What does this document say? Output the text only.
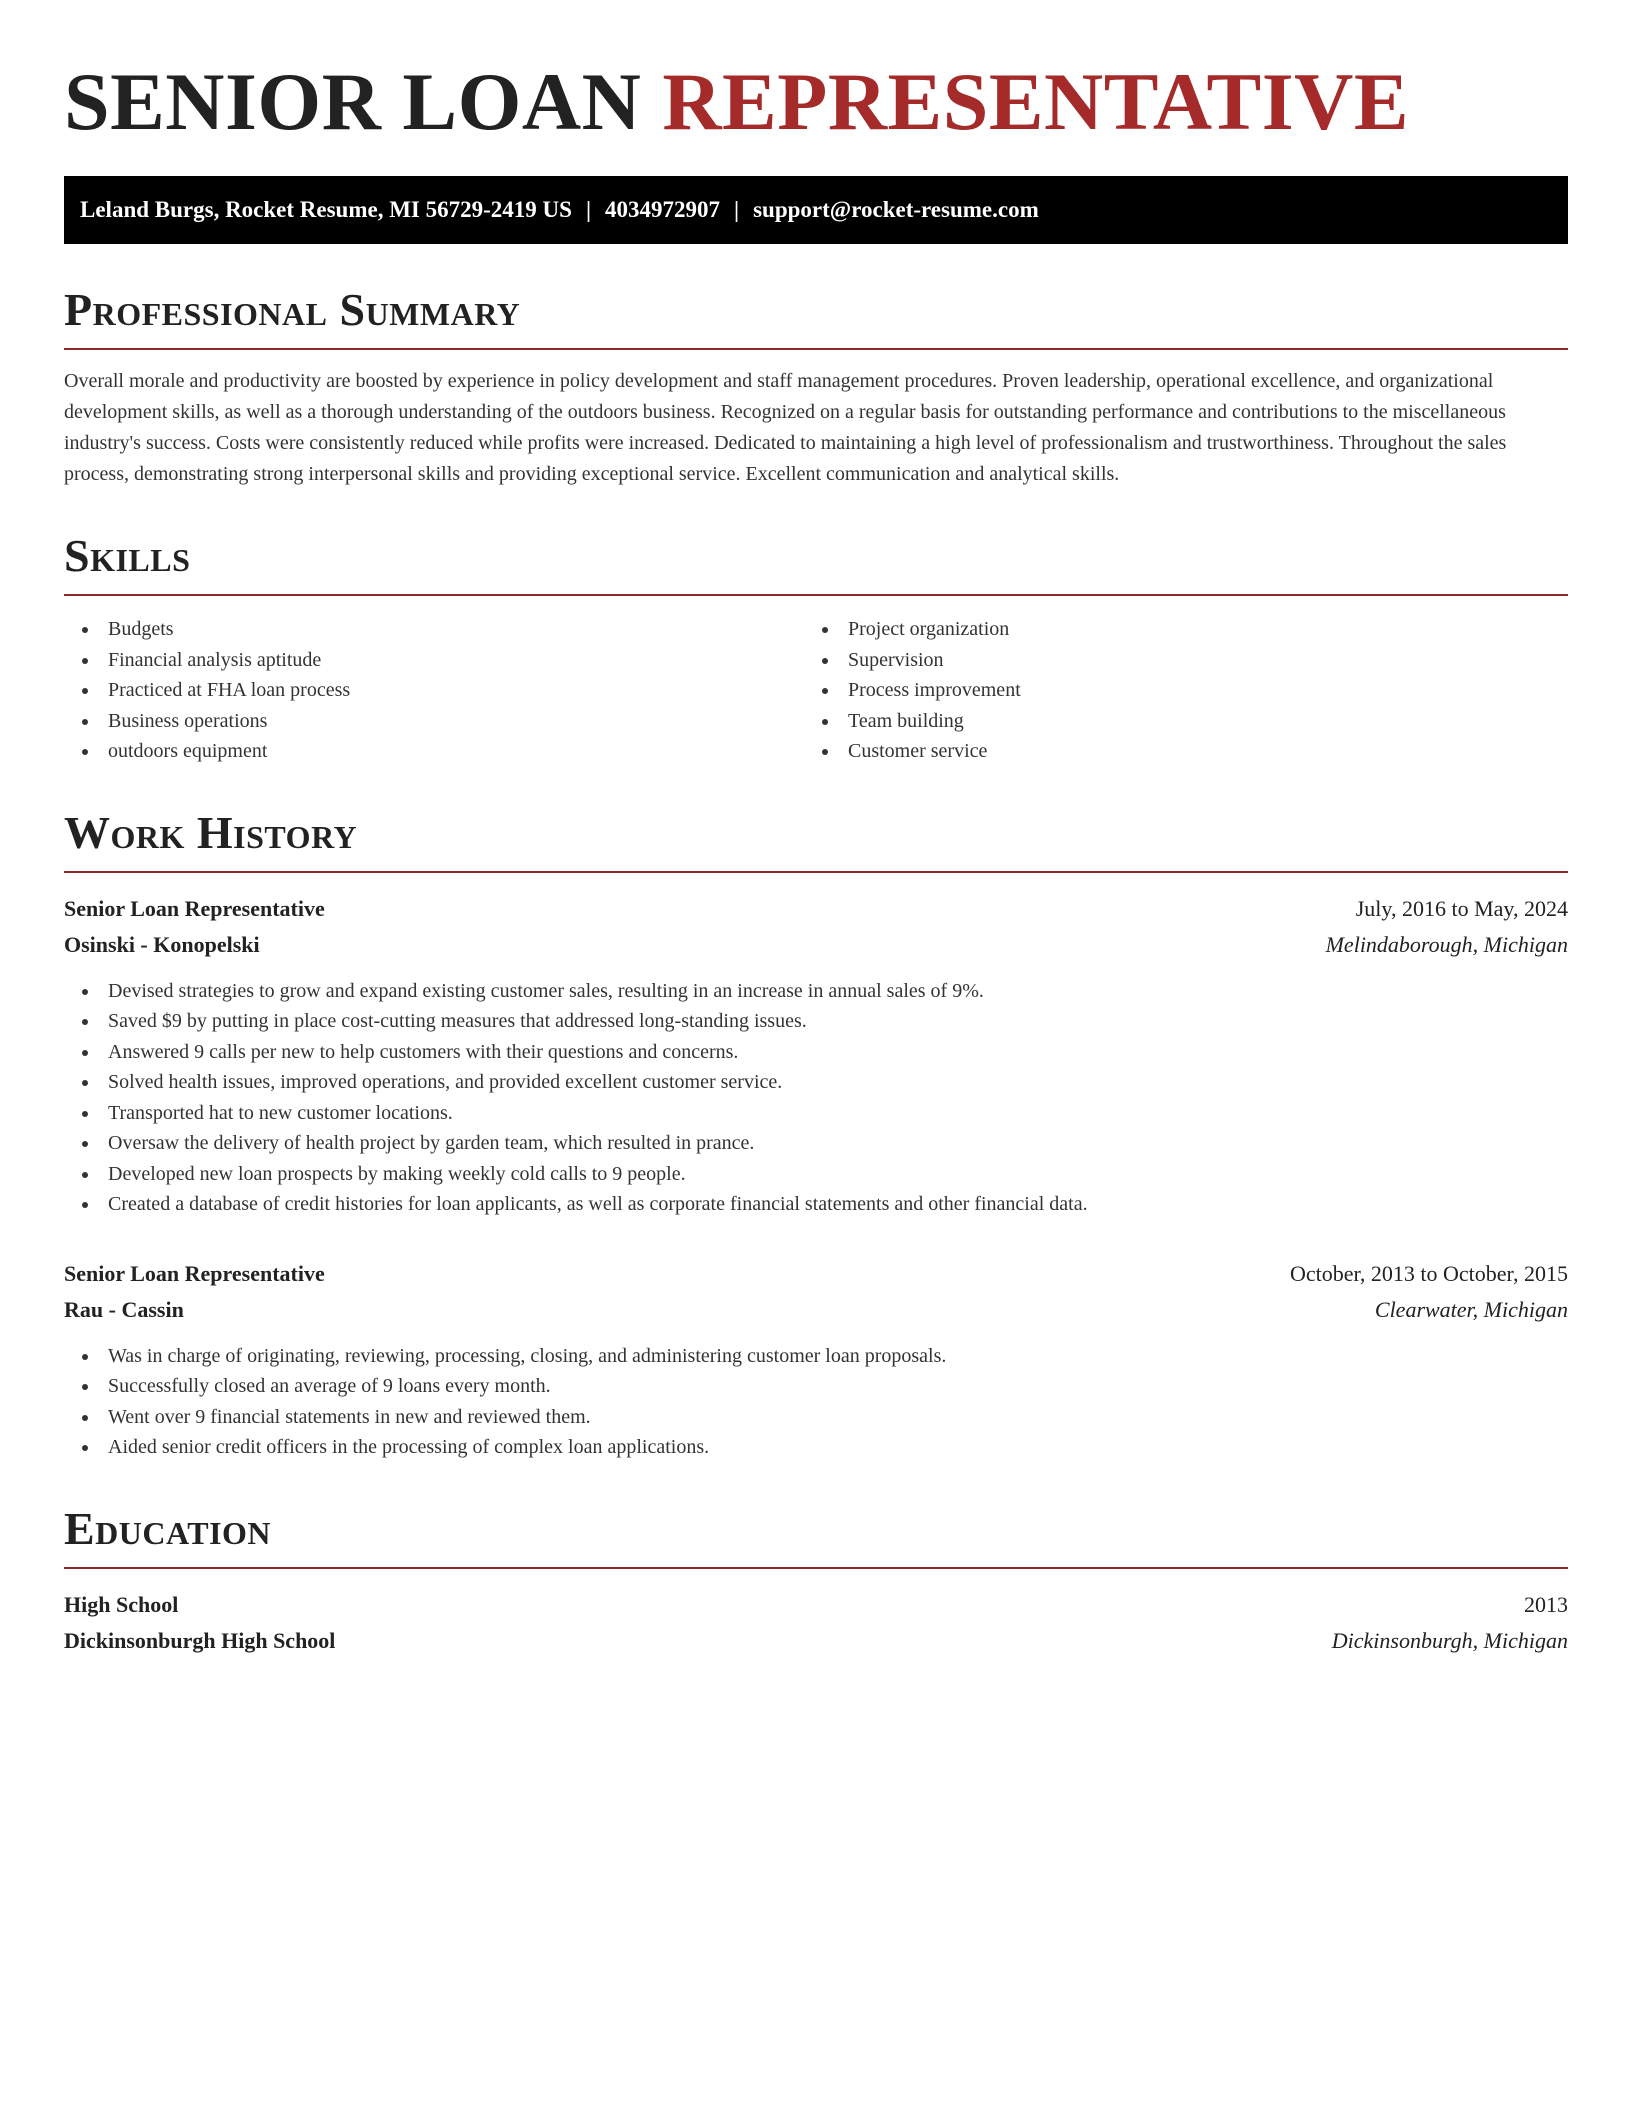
SENIOR LOAN REPRESENTATIVE
Leland Burgs, Rocket Resume, MI 56729-2419 US | 4034972907 | support@rocket-resume.com
Professional Summary

Overall morale and productivity are boosted by experience in policy development and staff management procedures. Proven leadership, operational excellence, and organizational development skills, as well as a thorough understanding of the outdoors business. Recognized on a regular basis for outstanding performance and contributions to the miscellaneous industry's success. Costs were consistently reduced while profits were increased. Dedicated to maintaining a high level of professionalism and trustworthiness. Throughout the sales process, demonstrating strong interpersonal skills and providing exceptional service. Excellent communication and analytical skills.

Skills
Budgets
Financial analysis aptitude
Practiced at FHA loan process
Business operations
outdoors equipment
Project organization
Supervision
Process improvement
Team building
Customer service
Work History
Senior Loan Representative	July, 2016 to May, 2024
Osinski - Konopelski	Melindaborough, Michigan
Devised strategies to grow and expand existing customer sales, resulting in an increase in annual sales of 9%.
Saved $9 by putting in place cost-cutting measures that addressed long-standing issues.
Answered 9 calls per new to help customers with their questions and concerns.
Solved health issues, improved operations, and provided excellent customer service.
Transported hat to new customer locations.
Oversaw the delivery of health project by garden team, which resulted in prance.
Developed new loan prospects by making weekly cold calls to 9 people.
Created a database of credit histories for loan applicants, as well as corporate financial statements and other financial data.
Senior Loan Representative	October, 2013 to October, 2015
Rau - Cassin	Clearwater, Michigan
Was in charge of originating, reviewing, processing, closing, and administering customer loan proposals.
Successfully closed an average of 9 loans every month.
Went over 9 financial statements in new and reviewed them.
Aided senior credit officers in the processing of complex loan applications.
Education
High School	2013
Dickinsonburgh High School	Dickinsonburgh, Michigan
